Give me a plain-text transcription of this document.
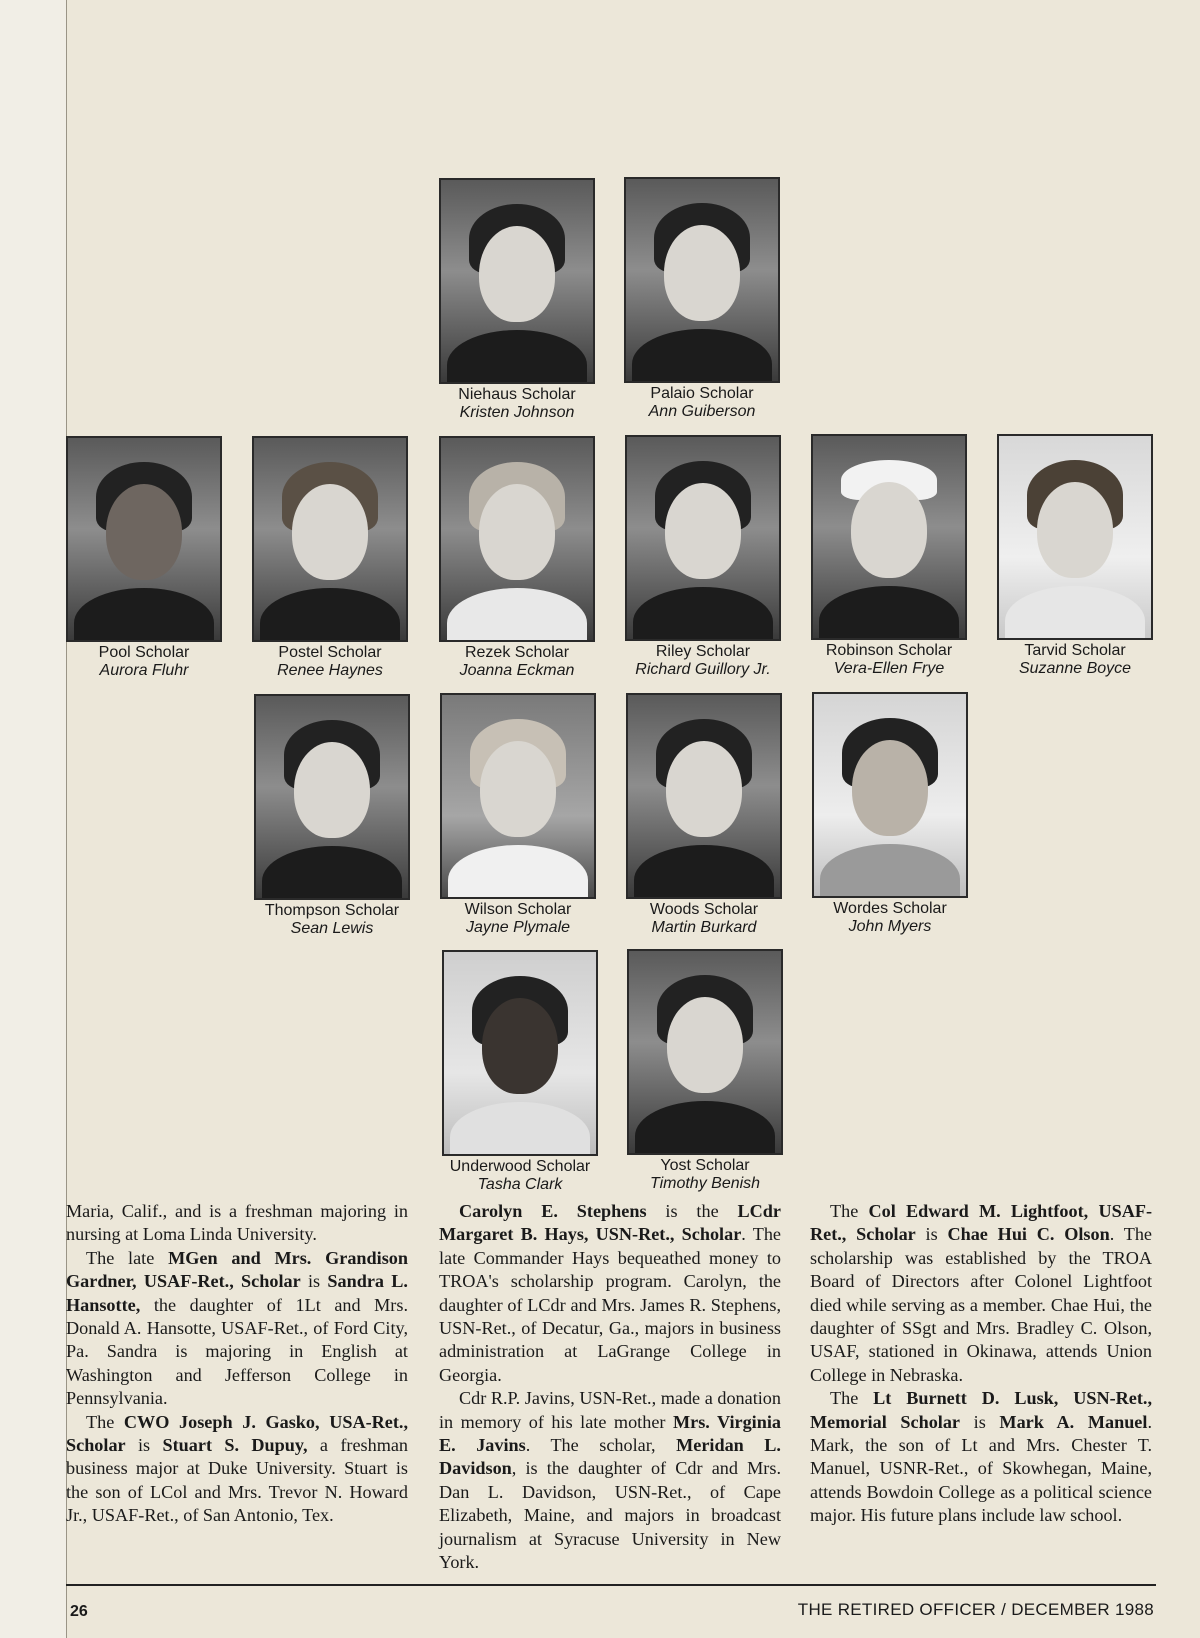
Niehaus Scholar
Kristen Johnson
Palaio Scholar
Ann Guiberson
Pool Scholar
Aurora Fluhr
Postel Scholar
Renee Haynes
Rezek Scholar
Joanna Eckman
Riley Scholar
Richard Guillory Jr.
Robinson Scholar
Vera-Ellen Frye
Tarvid Scholar
Suzanne Boyce
Thompson Scholar
Sean Lewis
Wilson Scholar
Jayne Plymale
Woods Scholar
Martin Burkard
Wordes Scholar
John Myers
Underwood Scholar
Tasha Clark
Yost Scholar
Timothy Benish

Maria, Calif., and is a freshman majoring in nursing at Loma Linda University.

The late MGen and Mrs. Grandison Gardner, USAF-Ret., Scholar is Sandra L. Hansotte, the daughter of 1Lt and Mrs. Donald A. Hansotte, USAF-Ret., of Ford City, Pa. Sandra is majoring in English at Washington and Jefferson College in Pennsylvania.

The CWO Joseph J. Gasko, USA-Ret., Scholar is Stuart S. Dupuy, a freshman business major at Duke University. Stuart is the son of LCol and Mrs. Trevor N. Howard Jr., USAF-Ret., of San Antonio, Tex.

Carolyn E. Stephens is the LCdr Margaret B. Hays, USN-Ret., Scholar. The late Commander Hays bequeathed money to TROA's scholarship program. Carolyn, the daughter of LCdr and Mrs. James R. Stephens, USN-Ret., of Decatur, Ga., majors in business administration at LaGrange College in Georgia.

Cdr R.P. Javins, USN-Ret., made a donation in memory of his late mother Mrs. Virginia E. Javins. The scholar, Meridan L. Davidson, is the daughter of Cdr and Mrs. Dan L. Davidson, USN-Ret., of Cape Elizabeth, Maine, and majors in broadcast journalism at Syracuse University in New York.

The Col Edward M. Lightfoot, USAF-Ret., Scholar is Chae Hui C. Olson. The scholarship was established by the TROA Board of Directors after Colonel Lightfoot died while serving as a member. Chae Hui, the daughter of SSgt and Mrs. Bradley C. Olson, USAF, stationed in Okinawa, attends Union College in Nebraska.

The Lt Burnett D. Lusk, USN-Ret., Memorial Scholar is Mark A. Manuel. Mark, the son of Lt and Mrs. Chester T. Manuel, USNR-Ret., of Skowhegan, Maine, attends Bowdoin College as a political science major. His future plans include law school.

26	THE RETIRED OFFICER / DECEMBER 1988
